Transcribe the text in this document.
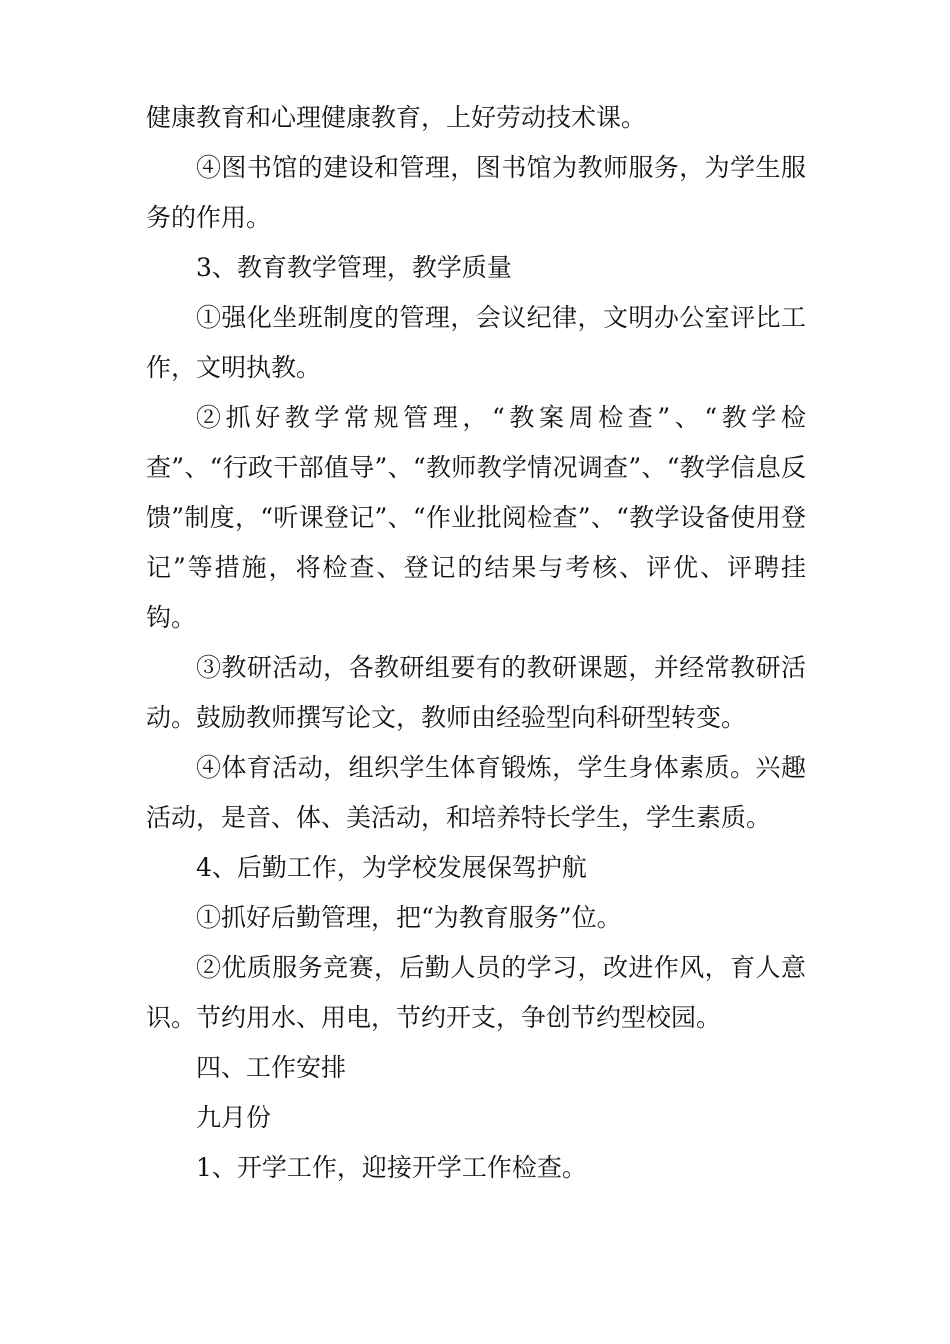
健康教育和心理健康教育，上好劳动技术课。

④图书馆的建设和管理，图书馆为教师服务，为学生服务的作用。

3、教育教学管理，教学质量

①强化坐班制度的管理，会议纪律，文明办公室评比工作，文明执教。

②抓好教学常规管理，“教案周检查”、“教学检查”、“行政干部值导”、“教师教学情况调查”、“教学信息反馈”制度，“听课登记”、“作业批阅检查”、“教学设备使用登记”等措施，将检查、登记的结果与考核、评优、评聘挂钩。

③教研活动，各教研组要有的教研课题，并经常教研活动。鼓励教师撰写论文，教师由经验型向科研型转变。

④体育活动，组织学生体育锻炼，学生身体素质。兴趣活动，是音、体、美活动，和培养特长学生，学生素质。

4、后勤工作，为学校发展保驾护航

①抓好后勤管理，把“为教育服务”位。

②优质服务竞赛，后勤人员的学习，改进作风，育人意识。节约用水、用电，节约开支，争创节约型校园。

四、工作安排

九月份

1、开学工作，迎接开学工作检查。
